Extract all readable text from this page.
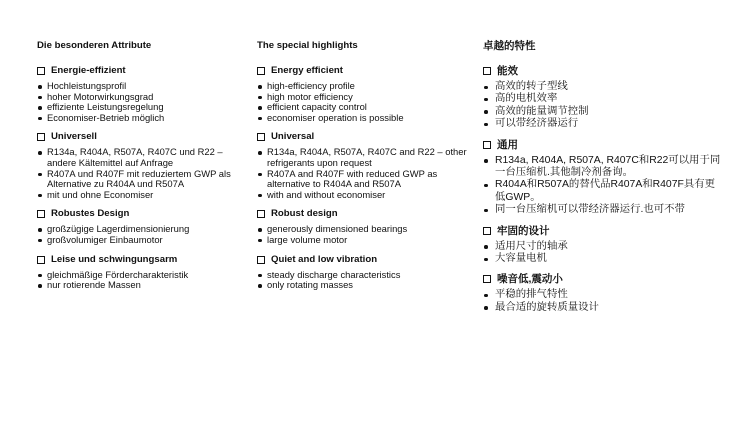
Die besonderen Attribute
Energie-effizient
Hochleistungsprofil
hoher Motorwirkungsgrad
effiziente Leistungsregelung
Economiser-Betrieb möglich
Universell
R134a, R404A, R507A, R407C und R22 – andere Kältemittel auf Anfrage
R407A und R407F mit reduziertem GWP als Alternative zu R404A und R507A
mit und ohne Economiser
Robustes Design
großzügige Lagerdimensionierung
großvolumiger Einbaumotor
Leise und schwingungsarm
gleichmäßige Fördercharakteristik
nur rotierende Massen
The special highlights
Energy efficient
high-efficiency profile
high motor efficiency
efficient capacity control
economiser operation is possible
Universal
R134a, R404A, R507A, R407C and R22 – other refrigerants upon request
R407A and R407F with reduced GWP as alternative to R404A and R507A
with and without economiser
Robust design
generously dimensioned bearings
large volume motor
Quiet and low vibration
steady discharge characteristics
only rotating masses
卓越的特性
能效
高效的转子型线
高的电机效率
高效的能量调节控制
可以带经济器运行
通用
R134a, R404A, R507A, R407C和R22可以用于同一台压缩机.其他制冷剂备询。
R404A和R507A的替代品R407A和R407F具有更低GWP。
同一台压缩机可以带经济器运行.也可不带
牢固的设计
适用尺寸的轴承
大容量电机
噪音低,震动小
平稳的排气特性
最合适的旋转质量设计
